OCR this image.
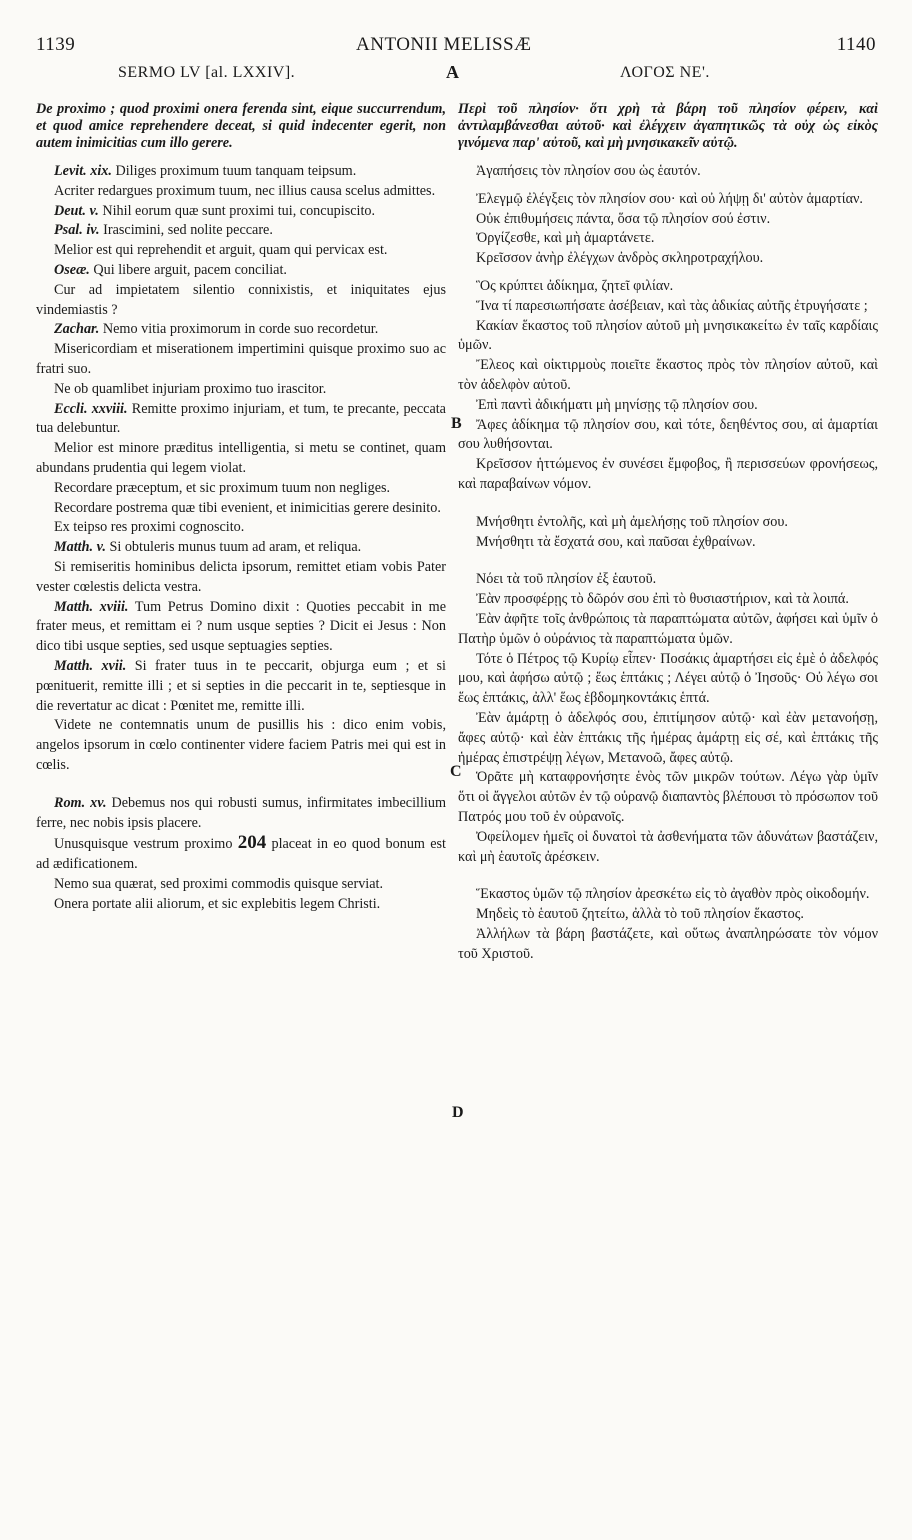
1139	ANTONII MELISSÆ	1140
SERMO LV [al. LXXIV].	A	ΛΟΓΟΣ ΝΕ'.
B
C
D

De proximo ; quod proximi onera ferenda sint, eique succurrendum, et quod amice reprehendere deceat, si quid indecenter egerit, non autem inimicitias cum illo gerere.

Levit. xix. Diliges proximum tuum tanquam teipsum.

Acriter redargues proximum tuum, nec illius causa scelus admittes.

Deut. v. Nihil eorum quæ sunt proximi tui, concupiscito.

Psal. iv. Irascimini, sed nolite peccare.

Melior est qui reprehendit et arguit, quam qui pervicax est.

Oseæ. Qui libere arguit, pacem conciliat.

Cur ad impietatem silentio connixistis, et iniquitates ejus vindemiastis ?

Zachar. Nemo vitia proximorum in corde suo recordetur.

Misericordiam et miserationem impertimini quisque proximo suo ac fratri suo.

Ne ob quamlibet injuriam proximo tuo irascitor.

Eccli. xxviii. Remitte proximo injuriam, et tum, te precante, peccata tua delebuntur.

Melior est minore præditus intelligentia, si metu se continet, quam abundans prudentia qui legem violat.

Recordare præceptum, et sic proximum tuum non negliges.

Recordare postrema quæ tibi evenient, et inimicitias gerere desinito.

Ex teipso res proximi cognoscito.

Matth. v. Si obtuleris munus tuum ad aram, et reliqua.

Si remiseritis hominibus delicta ipsorum, remittet etiam vobis Pater vester cœlestis delicta vestra.

Matth. xviii. Tum Petrus Domino dixit : Quoties peccabit in me frater meus, et remittam ei ? num usque septies ? Dicit ei Jesus : Non dico tibi usque septies, sed usque septuagies septies.

Matth. xvii. Si frater tuus in te peccarit, objurga eum ; et si pœnituerit, remitte illi ; et si septies in die peccarit in te, septiesque in die revertatur ac dicat : Pœnitet me, remitte illi.

Videte ne contemnatis unum de pusillis his : dico enim vobis, angelos ipsorum in cœlo continenter videre faciem Patris mei qui est in cœlis.

Rom. xv. Debemus nos qui robusti sumus, infirmitates imbecillium ferre, nec nobis ipsis placere.

Unusquisque vestrum proximo 204 placeat in eo quod bonum est ad ædificationem.

Nemo sua quærat, sed proximi commodis quisque serviat.

Onera portate alii aliorum, et sic explebitis legem Christi.

Περὶ τοῦ πλησίον· ὅτι χρὴ τὰ βάρη τοῦ πλησίον φέρειν, καὶ ἀντιλαμβάνεσθαι αὐτοῦ· καὶ ἐλέγχειν ἀγαπητικῶς τὰ οὐχ ὡς εἰκὸς γινόμενα παρ' αὐτοῦ, καὶ μὴ μνησικακεῖν αὐτῷ.

Ἀγαπήσεις τὸν πλησίον σου ὡς ἑαυτόν.

Ἐλεγμῷ ἐλέγξεις τὸν πλησίον σου· καὶ οὐ λήψῃ δι' αὐτὸν ἁμαρτίαν.

Οὐκ ἐπιθυμήσεις πάντα, ὅσα τῷ πλησίον σού ἐστιν.

Ὀργίζεσθε, καὶ μὴ ἁμαρτάνετε.

Κρεῖσσον ἀνὴρ ἐλέγχων ἀνδρὸς σκληροτραχήλου.

Ὃς κρύπτει ἀδίκημα, ζητεῖ φιλίαν.

Ἵνα τί παρεσιωπήσατε ἀσέβειαν, καὶ τὰς ἀδικίας αὐτῆς ἐτρυγήσατε ;

Κακίαν ἕκαστος τοῦ πλησίον αὐτοῦ μὴ μνησικακείτω ἐν ταῖς καρδίαις ὑμῶν.

Ἔλεος καὶ οἰκτιρμοὺς ποιεῖτε ἕκαστος πρὸς τὸν πλησίον αὐτοῦ, καὶ τὸν ἀδελφὸν αὐτοῦ.

Ἐπὶ παντὶ ἀδικήματι μὴ μηνίσῃς τῷ πλησίον σου.

Ἄφες ἀδίκημα τῷ πλησίον σου, καὶ τότε, δεηθέντος σου, αἱ ἁμαρτίαι σου λυθήσονται.

Κρεῖσσον ἡττώμενος ἐν συνέσει ἔμφοβος, ἢ περισσεύων φρονήσεως, καὶ παραβαίνων νόμον.

Μνήσθητι ἐντολῆς, καὶ μὴ ἀμελήσῃς τοῦ πλησίον σου.

Μνήσθητι τὰ ἔσχατά σου, καὶ παῦσαι ἐχθραίνων.

Νόει τὰ τοῦ πλησίον ἐξ ἑαυτοῦ.

Ἐὰν προσφέρῃς τὸ δῶρόν σου ἐπὶ τὸ θυσιαστήριον, καὶ τὰ λοιπά.

Ἐὰν ἀφῆτε τοῖς ἀνθρώποις τὰ παραπτώματα αὐτῶν, ἀφήσει καὶ ὑμῖν ὁ Πατὴρ ὑμῶν ὁ οὐράνιος τὰ παραπτώματα ὑμῶν.

Τότε ὁ Πέτρος τῷ Κυρίῳ εἶπεν· Ποσάκις ἁμαρτήσει εἰς ἐμὲ ὁ ἀδελφός μου, καὶ ἀφήσω αὐτῷ ; ἕως ἑπτάκις ; Λέγει αὐτῷ ὁ Ἰησοῦς· Οὐ λέγω σοι ἕως ἑπτάκις, ἀλλ' ἕως ἑβδομηκοντάκις ἑπτά.

Ἐὰν ἁμάρτῃ ὁ ἀδελφός σου, ἐπιτίμησον αὐτῷ· καὶ ἐὰν μετανοήσῃ, ἄφες αὐτῷ· καὶ ἐὰν ἑπτάκις τῆς ἡμέρας ἁμάρτῃ εἰς σέ, καὶ ἑπτάκις τῆς ἡμέρας ἐπιστρέψῃ λέγων, Μετανοῶ, ἄφες αὐτῷ.

Ὁρᾶτε μὴ καταφρονήσητε ἑνὸς τῶν μικρῶν τούτων. Λέγω γὰρ ὑμῖν ὅτι οἱ ἄγγελοι αὐτῶν ἐν τῷ οὐρανῷ διαπαντὸς βλέπουσι τὸ πρόσωπον τοῦ Πατρός μου τοῦ ἐν οὐρανοῖς.

Ὀφείλομεν ἡμεῖς οἱ δυνατοὶ τὰ ἀσθενήματα τῶν ἀδυνάτων βαστάζειν, καὶ μὴ ἑαυτοῖς ἀρέσκειν.

Ἕκαστος ὑμῶν τῷ πλησίον ἀρεσκέτω εἰς τὸ ἀγαθὸν πρὸς οἰκοδομήν.

Μηδεὶς τὸ ἑαυτοῦ ζητείτω, ἀλλὰ τὸ τοῦ πλησίον ἕκαστος.

Ἀλλήλων τὰ βάρη βαστάζετε, καὶ οὕτως ἀναπληρώσατε τὸν νόμον τοῦ Χριστοῦ.
